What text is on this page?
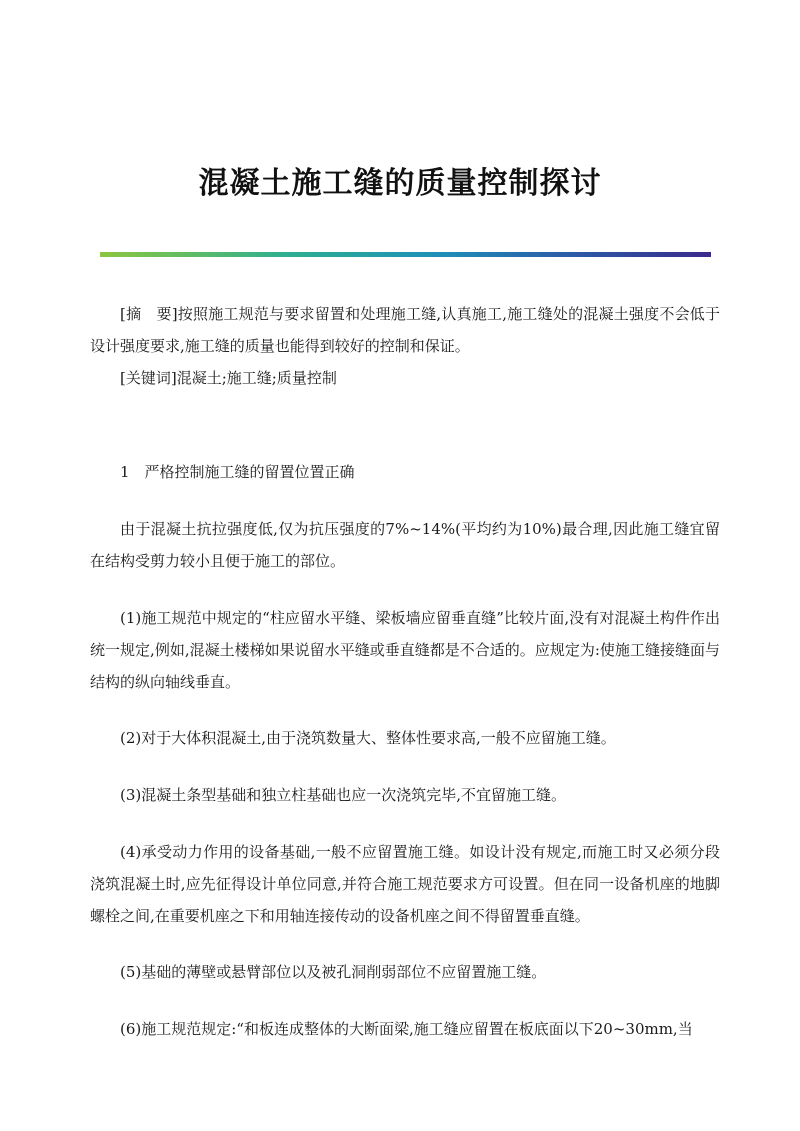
混凝土施工缝的质量控制探讨

[摘　要]按照施工规范与要求留置和处理施工缝,认真施工,施工缝处的混凝土强度不会低于设计强度要求,施工缝的质量也能得到较好的控制和保证。

[关键词]混凝土;施工缝;质量控制

1　严格控制施工缝的留置位置正确

由于混凝土抗拉强度低,仅为抗压强度的7%~14%(平均约为10%)最合理,因此施工缝宜留在结构受剪力较小且便于施工的部位。

(1)施工规范中规定的“柱应留水平缝、梁板墙应留垂直缝”比较片面,没有对混凝土构件作出统一规定,例如,混凝土楼梯如果说留水平缝或垂直缝都是不合适的。应规定为:使施工缝接缝面与结构的纵向轴线垂直。

(2)对于大体积混凝土,由于浇筑数量大、整体性要求高,一般不应留施工缝。

(3)混凝土条型基础和独立柱基础也应一次浇筑完毕,不宜留施工缝。

(4)承受动力作用的设备基础,一般不应留置施工缝。如设计没有规定,而施工时又必须分段浇筑混凝土时,应先征得设计单位同意,并符合施工规范要求方可设置。但在同一设备机座的地脚螺栓之间,在重要机座之下和用轴连接传动的设备机座之间不得留置垂直缝。

(5)基础的薄壁或悬臂部位以及被孔洞削弱部位不应留置施工缝。

(6)施工规范规定:“和板连成整体的大断面梁,施工缝应留置在板底面以下20~30mm,当
